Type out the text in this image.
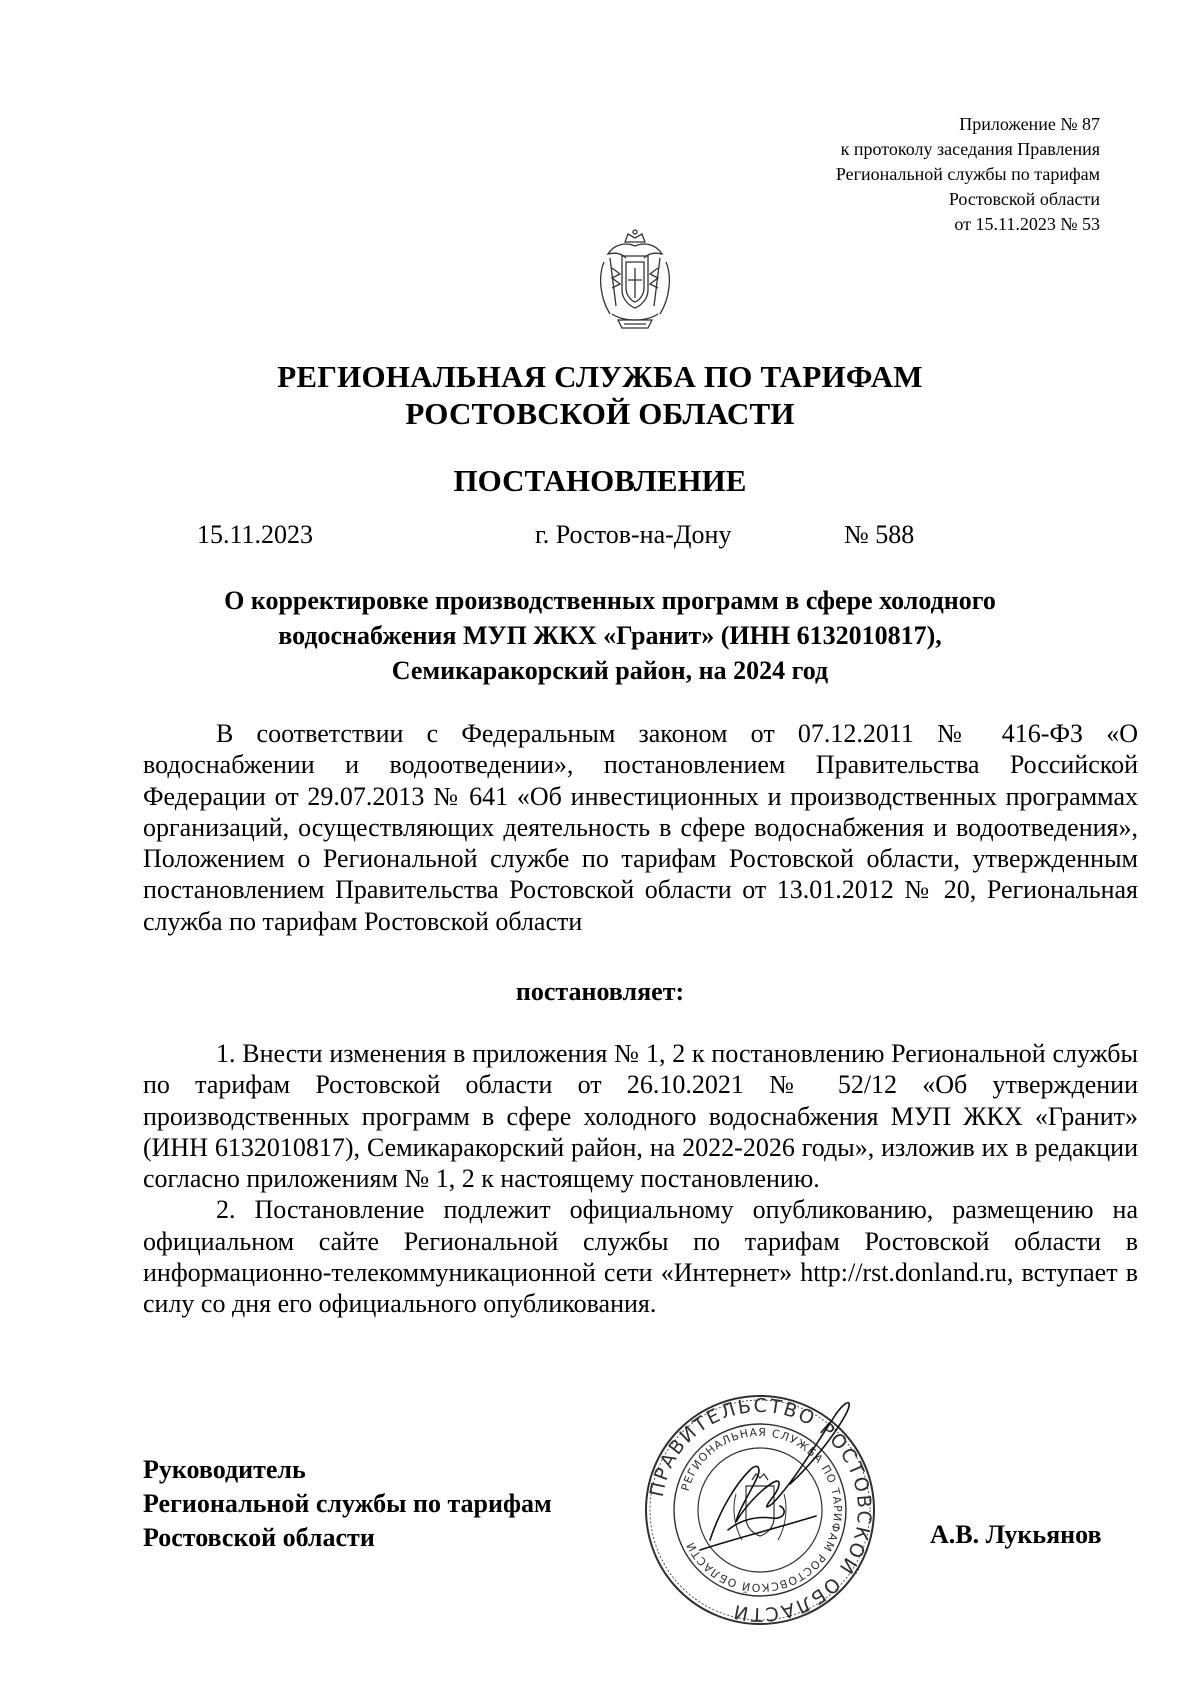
Приложение № 87
к протоколу заседания Правления
Региональной службы по тарифам
Ростовской области
от 15.11.2023 № 53
РЕГИОНАЛЬНАЯ СЛУЖБА ПО ТАРИФАМ
РОСТОВСКОЙ ОБЛАСТИ
ПОСТАНОВЛЕНИЕ
15.11.2023	г. Ростов-на-Дону	№ 588
О корректировке производственных программ в сфере холодного
водоснабжения МУП ЖКХ «Гранит» (ИНН 6132010817),
Семикаракорский район, на 2024 год

В соответствии с Федеральным законом от 07.12.2011 № 416-ФЗ «О водоснабжении и водоотведении», постановлением Правительства Российской Федерации от 29.07.2013 № 641 «Об инвестиционных и производственных программах организаций, осуществляющих деятельность в сфере водоснабжения и водоотведения», Положением о Региональной службе по тарифам Ростовской области, утвержденным постановлением Правительства Ростовской области от 13.01.2012 № 20, Региональная служба по тарифам Ростовской области

постановляет:

1. Внести изменения в приложения № 1, 2 к постановлению Региональной службы по тарифам Ростовской области от 26.10.2021 № 52/12 «Об утверждении производственных программ в сфере холодного водоснабжения МУП ЖКХ «Гранит» (ИНН 6132010817), Семикаракорский район, на 2022-2026 годы», изложив их в редакции согласно приложениям № 1, 2 к настоящему постановлению.

2. Постановление подлежит официальному опубликованию, размещению на официальном сайте Региональной службы по тарифам Ростовской области в информационно-телекоммуникационной сети «Интернет» http://rst.donland.ru, вступает в силу со дня его официального опубликования.

Руководитель
Региональной службы по тарифам
Ростовской области	А.В. Лукьянов
ПРАВИТЕЛЬСТВО РОСТОВСКОЙ ОБЛАСТИ
РЕГИОНАЛЬНАЯ СЛУЖБА ПО ТАРИФАМ РОСТОВСКОЙ ОБЛАСТИ
